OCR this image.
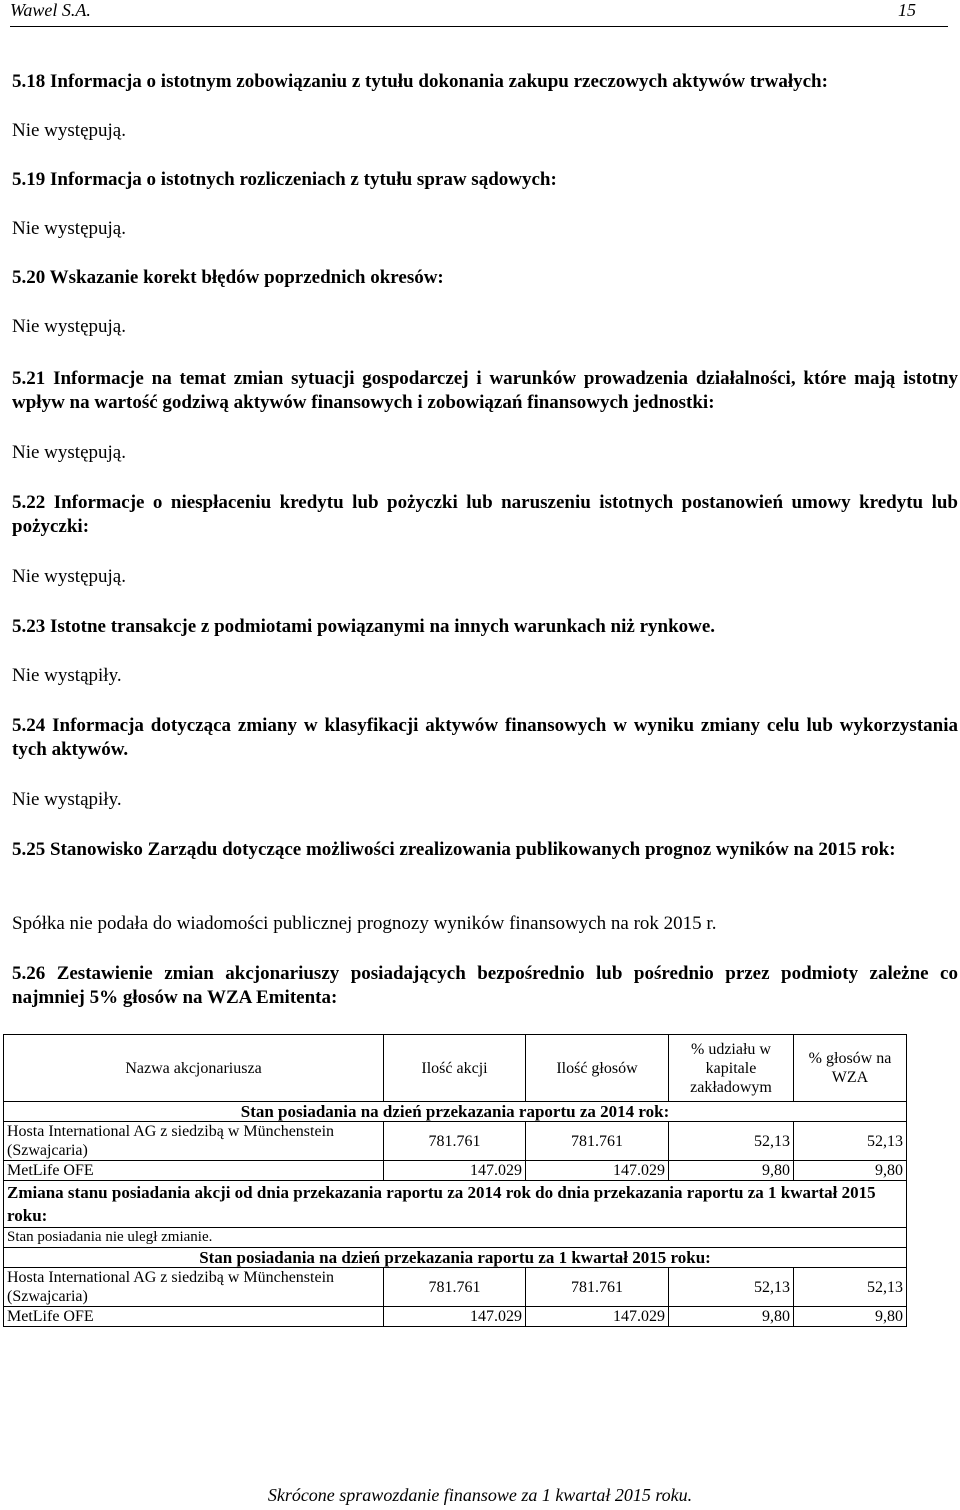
Wawel S.A.	15
5.18 Informacja o istotnym zobowiązaniu z tytułu dokonania zakupu rzeczowych aktywów trwałych:
Nie występują.
5.19 Informacja o istotnych rozliczeniach z tytułu spraw sądowych:
Nie występują.
5.20 Wskazanie korekt błędów poprzednich okresów:
Nie występują.
5.21 Informacje na temat zmian sytuacji gospodarczej i warunków prowadzenia działalności, które mają istotny wpływ na wartość godziwą aktywów finansowych i zobowiązań finansowych jednostki:
Nie występują.
5.22 Informacje o niespłaceniu kredytu lub pożyczki lub naruszeniu istotnych postanowień umowy kredytu lub pożyczki:
Nie występują.
5.23 Istotne transakcje z podmiotami powiązanymi na innych warunkach niż rynkowe.
Nie wystąpiły.
5.24 Informacja dotycząca zmiany w klasyfikacji aktywów finansowych w wyniku zmiany celu lub wykorzystania tych aktywów.
Nie wystąpiły.
5.25 Stanowisko Zarządu dotyczące możliwości zrealizowania publikowanych prognoz wyników na 2015 rok:
Spółka nie podała do wiadomości publicznej prognozy wyników finansowych na rok 2015 r.
5.26 Zestawienie zmian akcjonariuszy posiadających bezpośrednio lub pośrednio przez podmioty zależne co najmniej 5% głosów na WZA Emitenta:
Nazwa akcjonariusza	Ilość akcji	Ilość głosów	% udziału w kapitale zakładowym	% głosów na WZA
Stan posiadania na dzień przekazania raportu za 2014 rok:				
Hosta International AG z siedzibą w Münchenstein (Szwajcaria)	781.761	781.761	52,13	52,13
MetLife OFE	147.029	147.029	9,80	9,80
Zmiana stanu posiadania akcji od dnia przekazania raportu za 2014 rok do dnia przekazania raportu za 1 kwartał 2015 roku:				
Stan posiadania nie uległ zmianie.				
Stan posiadania na dzień przekazania raportu za 1 kwartał 2015 roku:				
Hosta International AG z siedzibą w Münchenstein (Szwajcaria)	781.761	781.761	52,13	52,13
MetLife OFE	147.029	147.029	9,80	9,80
Skrócone sprawozdanie finansowe za 1 kwartał 2015 roku.
